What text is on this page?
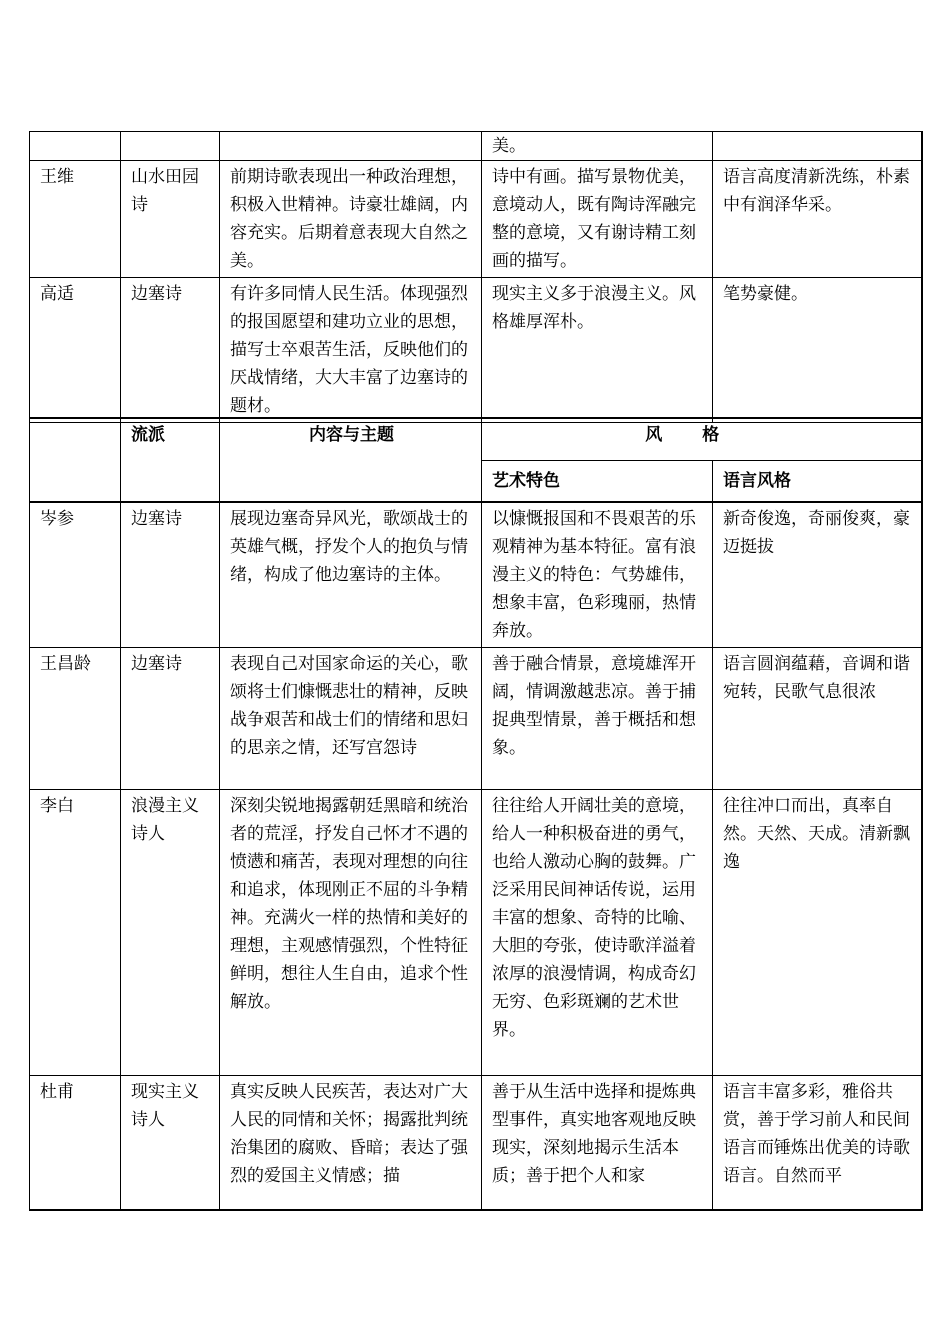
			美。	
王维	山水田园诗	前期诗歌表现出一种政治理想，积极入世精神。诗豪壮雄阔，内容充实。后期着意表现大自然之美。	诗中有画。描写景物优美，意境动人，既有陶诗浑融完整的意境，又有谢诗精工刻画的描写。	语言高度清新洗练，朴素中有润泽华采。
高适	边塞诗	有许多同情人民生活。体现强烈的报国愿望和建功立业的思想，描写士卒艰苦生活，反映他们的厌战情绪，大大丰富了边塞诗的题材。	现实主义多于浪漫主义。风格雄厚浑朴。	笔势豪健。
	流派	内容与主题	风格	
			艺术特色	语言风格
岑参	边塞诗	展现边塞奇异风光，歌颂战士的英雄气概，抒发个人的抱负与情绪，构成了他边塞诗的主体。	以慷慨报国和不畏艰苦的乐观精神为基本特征。富有浪漫主义的特色：气势雄伟，想象丰富，色彩瑰丽，热情奔放。	新奇俊逸，奇丽俊爽，豪迈挺拔
王昌龄	边塞诗	表现自己对国家命运的关心，歌颂将士们慷慨悲壮的精神，反映战争艰苦和战士们的情绪和思妇的思亲之情，还写宫怨诗	善于融合情景，意境雄浑开阔，情调激越悲凉。善于捕捉典型情景，善于概括和想象。	语言圆润蕴藉，音调和谐宛转，民歌气息很浓
李白	浪漫主义诗人	深刻尖锐地揭露朝廷黑暗和统治者的荒淫，抒发自己怀才不遇的愤懑和痛苦，表现对理想的向往和追求，体现刚正不屈的斗争精神。充满火一样的热情和美好的理想，主观感情强烈，个性特征鲜明，想往人生自由，追求个性解放。	往往给人开阔壮美的意境，给人一种积极奋进的勇气，也给人激动心胸的鼓舞。广泛采用民间神话传说，运用丰富的想象、奇特的比喻、大胆的夸张，使诗歌洋溢着浓厚的浪漫情调，构成奇幻无穷、色彩斑斓的艺术世界。	往往冲口而出，真率自然。天然、天成。清新飘逸
杜甫	现实主义诗人	真实反映人民疾苦，表达对广大人民的同情和关怀；揭露批判统治集团的腐败、昏暗；表达了强烈的爱国主义情感；描	善于从生活中选择和提炼典型事件，真实地客观地反映现实，深刻地揭示生活本质；善于把个人和家	语言丰富多彩，雅俗共赏，善于学习前人和民间语言而锤炼出优美的诗歌语言。自然而平
